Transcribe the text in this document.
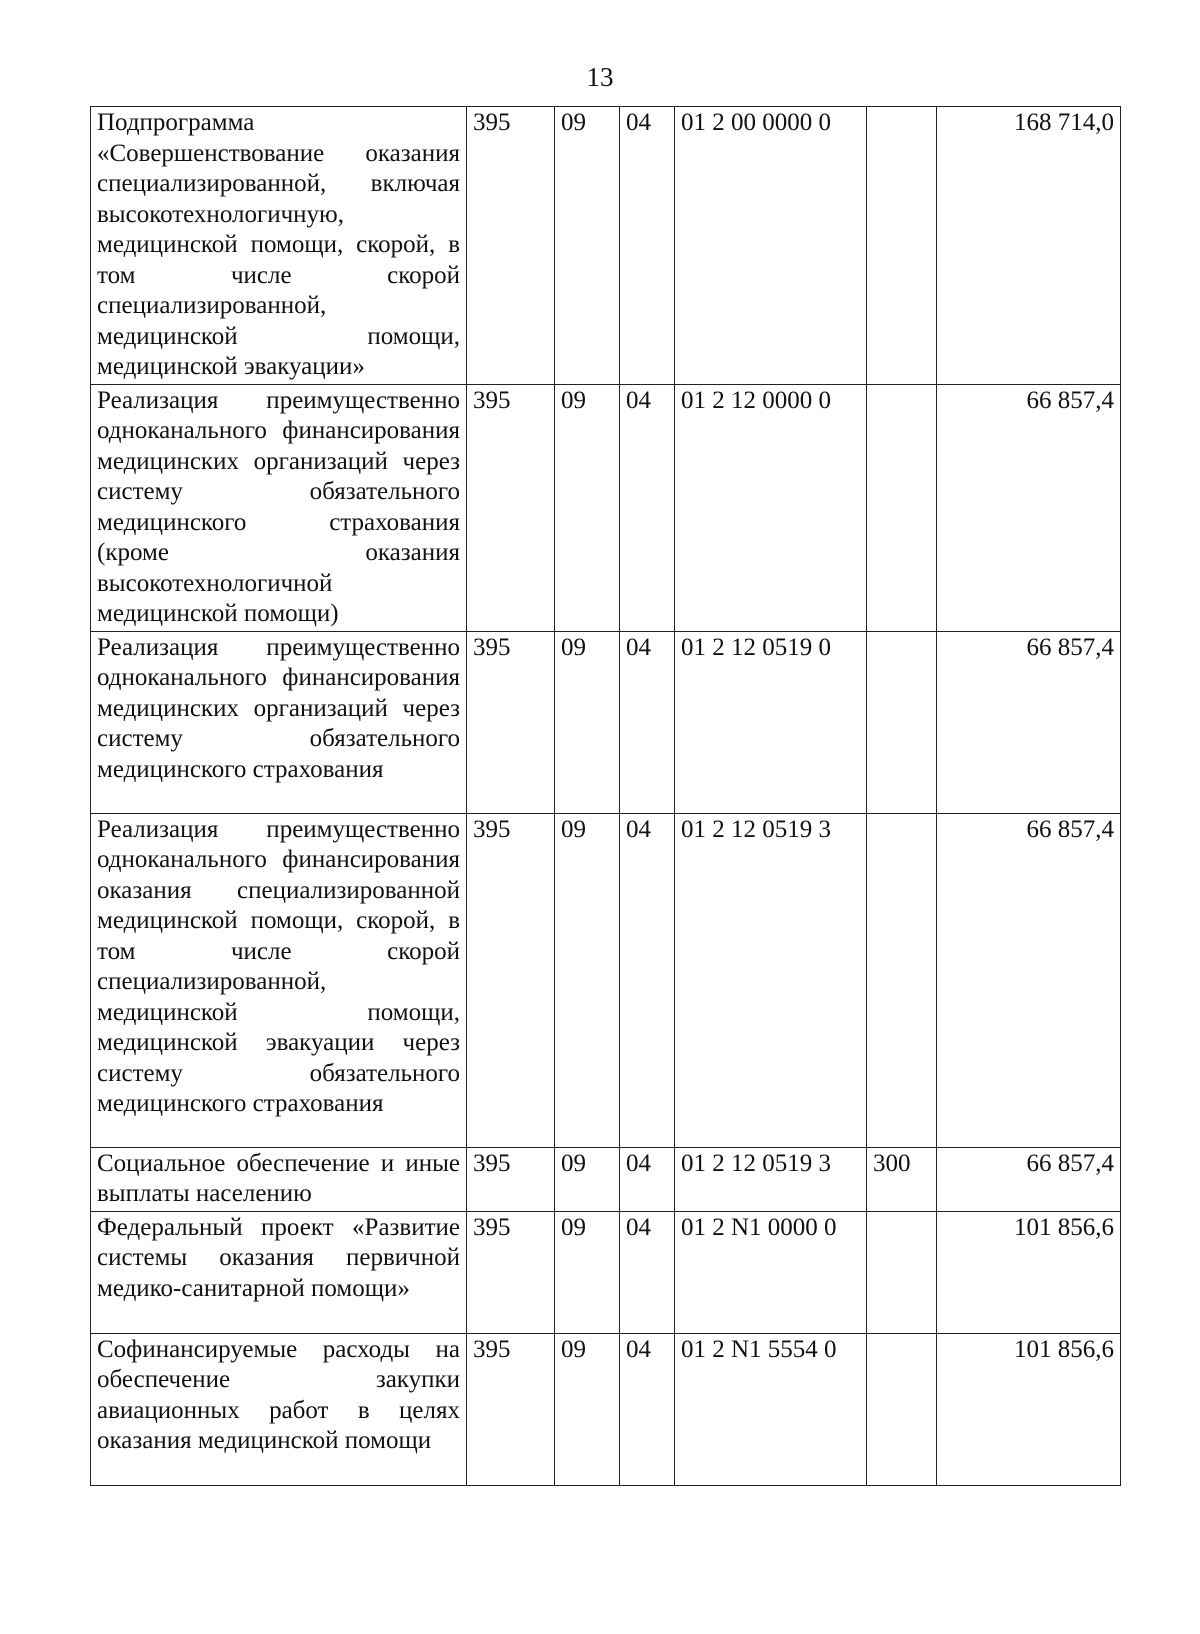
13
Подпрограмма «Совершенствование оказания специализированной, включая высокотехнологичную, медицинской помощи, скорой, в том числе скорой специализированной, медицинской помощи, медицинской эвакуации»	395	09	04	01 2 00 0000 0		168 714,0
Реализация преимущественно одноканального финансирования медицинских организаций через систему обязательного медицинского страхования (кроме оказания высокотехнологичной медицинской помощи)	395	09	04	01 2 12 0000 0		66 857,4
Реализация преимущественно одноканального финансирования медицинских организаций через систему обязательного медицинского страхования	395	09	04	01 2 12 0519 0		66 857,4
Реализация преимущественно одноканального финансирования оказания специализированной медицинской помощи, скорой, в том числе скорой специализированной, медицинской помощи, медицинской эвакуации через систему обязательного медицинского страхования	395	09	04	01 2 12 0519 3		66 857,4
Социальное обеспечение и иные выплаты населению	395	09	04	01 2 12 0519 3	300	66 857,4
Федеральный проект «Развитие системы оказания первичной медико-санитарной помощи»	395	09	04	01 2 N1 0000 0		101 856,6
Софинансируемые расходы на обеспечение закупки авиационных работ в целях оказания медицинской помощи	395	09	04	01 2 N1 5554 0		101 856,6
